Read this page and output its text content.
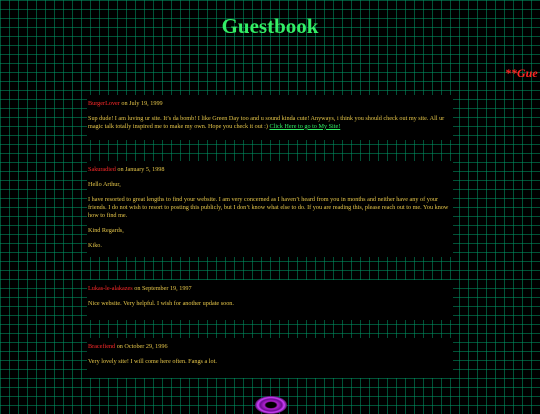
Guestbook
**Gue

BurgerLover on July 19, 1999

Sup dude! I am luving ur site. It’s da bomb! I like Green Day too and u sound kinda cute! Anyways, i think you should check out my site. All ur magic talk totally inspired me to make my own. Hope you check it out :) Click Here to go to My Site!

Sakuradied on January 5, 1998

Hello Arthur,

I have resorted to great lengths to find your website. I am very concerned as I haven’t heard from you in months and neither have any of your friends. I do not wish to resort to posting this publicly, but I don’t know what else to do. If you are reading this, please reach out to me. You know how to find me.

Kind Regards,

Kiko.

Lukas-le-alakazes on September 19, 1997

Nice website. Very helpful. I wish for another update soon.

Bracefiend on October 29, 1996

Very lovely site! I will come here often. Fangs a lot.
